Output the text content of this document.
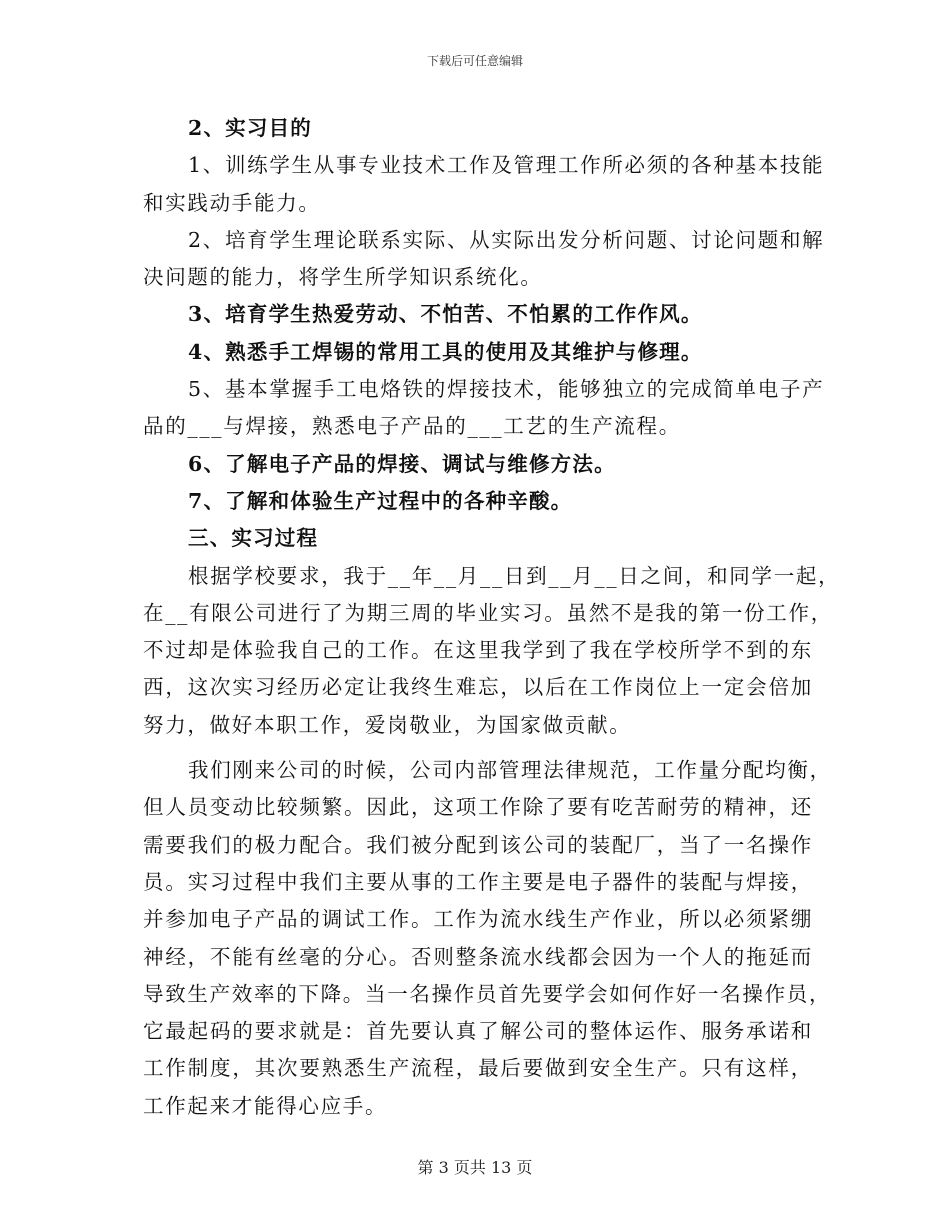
下载后可任意编辑
2、实习目的
1、训练学生从事专业技术工作及管理工作所必须的各种基本技能
和实践动手能力。
2、培育学生理论联系实际、从实际出发分析问题、讨论问题和解
决问题的能力，将学生所学知识系统化。
3、培育学生热爱劳动、不怕苦、不怕累的工作作风。
4、熟悉手工焊锡的常用工具的使用及其维护与修理。
5、基本掌握手工电烙铁的焊接技术，能够独立的完成简单电子产
品的___与焊接，熟悉电子产品的___工艺的生产流程。
6、了解电子产品的焊接、调试与维修方法。
7、了解和体验生产过程中的各种辛酸。
三、实习过程
根据学校要求，我于__年__月__日到__月__日之间，和同学一起，
在__有限公司进行了为期三周的毕业实习。虽然不是我的第一份工作，
不过却是体验我自己的工作。在这里我学到了我在学校所学不到的东
西，这次实习经历必定让我终生难忘，以后在工作岗位上一定会倍加
努力，做好本职工作，爱岗敬业，为国家做贡献。
我们刚来公司的时候，公司内部管理法律规范，工作量分配均衡，
但人员变动比较频繁。因此，这项工作除了要有吃苦耐劳的精神，还
需要我们的极力配合。我们被分配到该公司的装配厂，当了一名操作
员。实习过程中我们主要从事的工作主要是电子器件的装配与焊接，
并参加电子产品的调试工作。工作为流水线生产作业，所以必须紧绷
神经，不能有丝毫的分心。否则整条流水线都会因为一个人的拖延而
导致生产效率的下降。当一名操作员首先要学会如何作好一名操作员，
它最起码的要求就是：首先要认真了解公司的整体运作、服务承诺和
工作制度，其次要熟悉生产流程，最后要做到安全生产。只有这样，
工作起来才能得心应手。
第 3 页共 13 页
